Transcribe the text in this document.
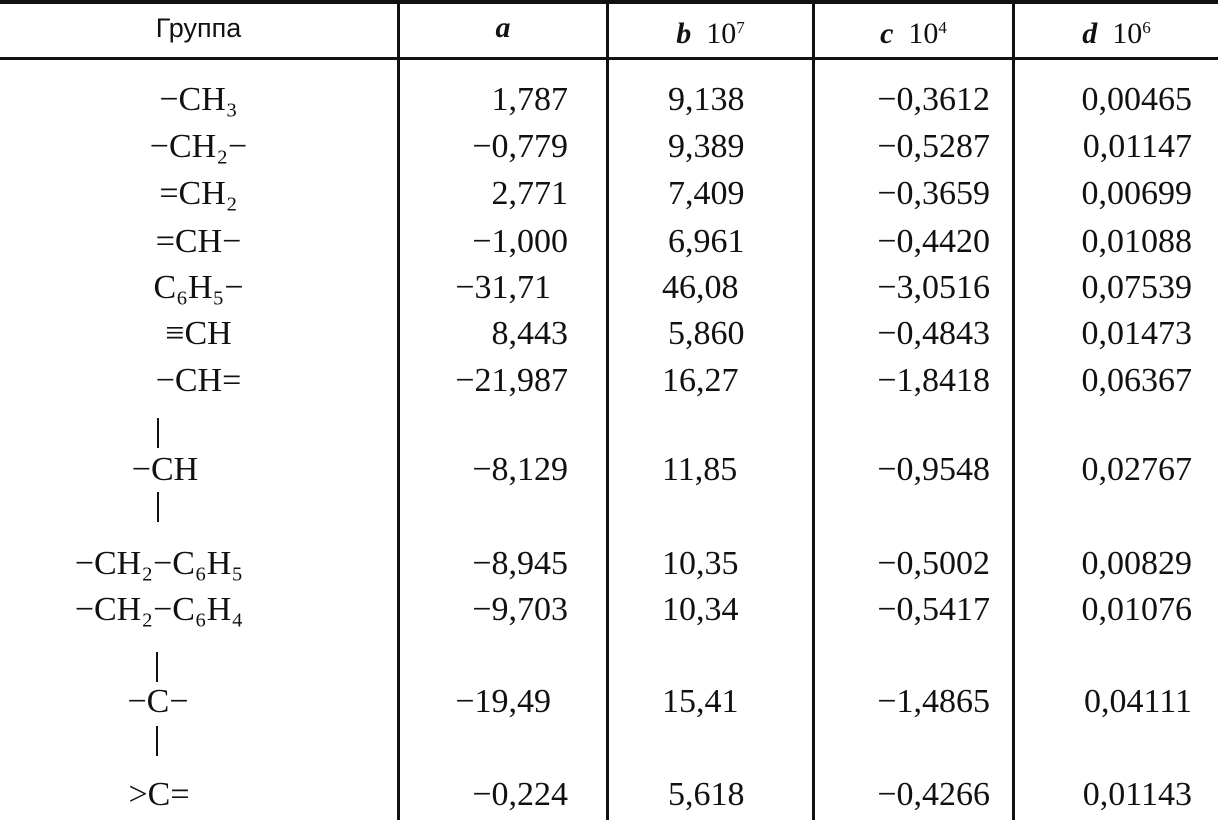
Группа	a	b $10^7$	c $10^4$	d $10^6$
−CH₃	1,787	9,138	−0,3612	0,00465
−CH₂−	−0,779	9,389	−0,5287	0,01147
=CH₂	2,771	7,409	−0,3659	0,00699
=CH−	−1,000	6,961	−0,4420	0,01088
C₆H₅−	−31,71	46,08	−3,0516	0,07539
≡CH	8,443	5,860	−0,4843	0,01473
−CH=	−21,987	16,27	−1,8418	0,06367
−CH	−8,129	11,85	−0,9548	0,02767
−CH₂−C₆H₅	−8,945	10,35	−0,5002	0,00829
−CH₂−C₆H₄	−9,703	10,34	−0,5417	0,01076
−C−	−19,49	15,41	−1,4865	0,04111
>C=	−0,224	5,618	−0,4266	0,01143
